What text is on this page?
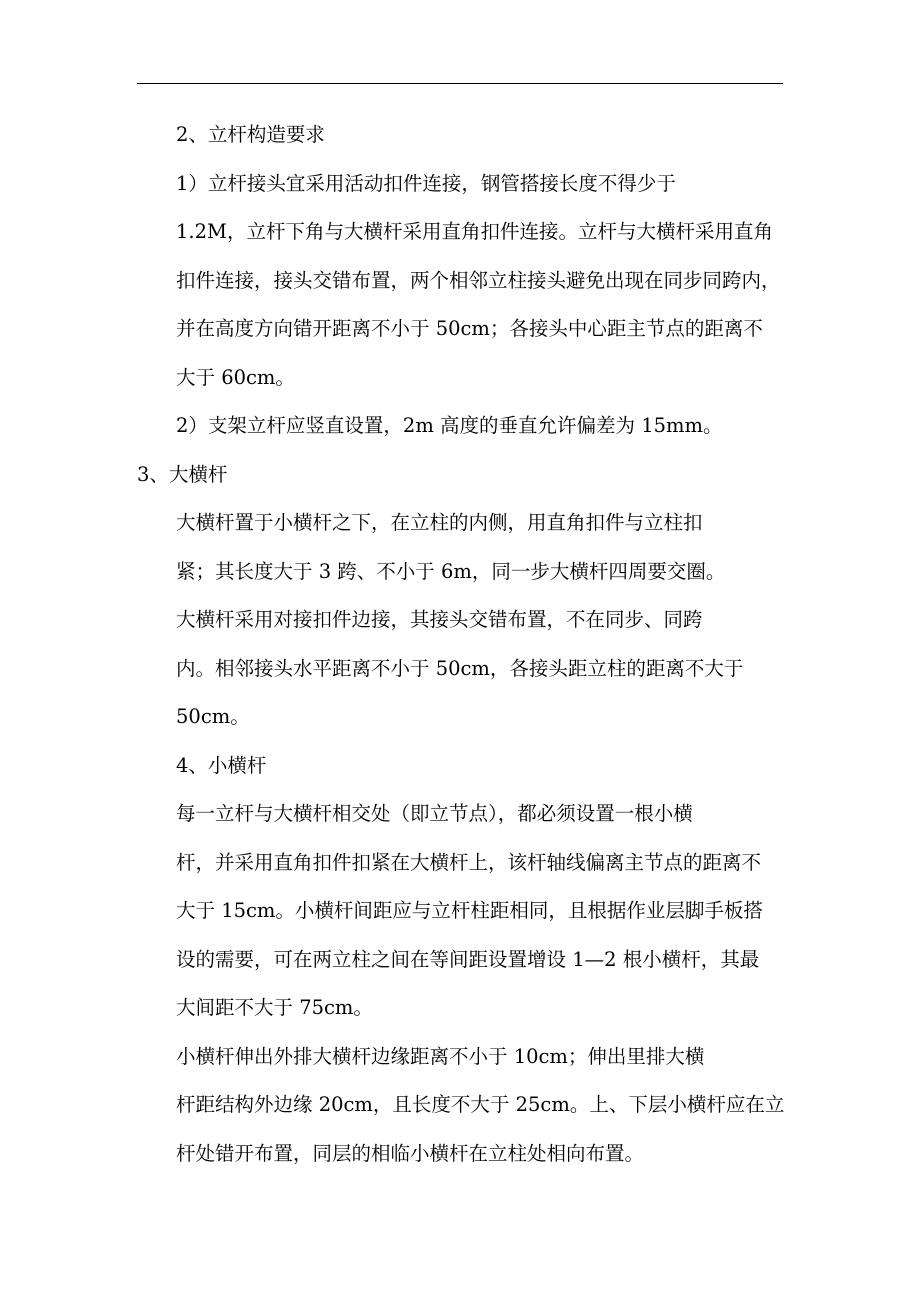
2、立杆构造要求

1）立杆接头宜采用活动扣件连接，钢管搭接长度不得少于
1.2M，立杆下角与大横杆采用直角扣件连接。立杆与大横杆采用直角
扣件连接，接头交错布置，两个相邻立柱接头避免出现在同步同跨内，
并在高度方向错开距离不小于 50cm；各接头中心距主节点的距离不
大于 60cm。

2）支架立杆应竖直设置，2m 高度的垂直允许偏差为 15mm。

3、大横杆

大横杆置于小横杆之下，在立柱的内侧，用直角扣件与立柱扣
紧；其长度大于 3 跨、不小于 6m，同一步大横杆四周要交圈。

大横杆采用对接扣件边接，其接头交错布置，不在同步、同跨
内。相邻接头水平距离不小于 50cm，各接头距立柱的距离不大于
50cm。

4、小横杆

每一立杆与大横杆相交处（即立节点），都必须设置一根小横
杆，并采用直角扣件扣紧在大横杆上，该杆轴线偏离主节点的距离不
大于 15cm。小横杆间距应与立杆柱距相同，且根据作业层脚手板搭
设的需要，可在两立柱之间在等间距设置增设 1—2 根小横杆，其最
大间距不大于 75cm。

小横杆伸出外排大横杆边缘距离不小于 10cm；伸出里排大横
杆距结构外边缘 20cm，且长度不大于 25cm。上、下层小横杆应在立
杆处错开布置，同层的相临小横杆在立柱处相向布置。
